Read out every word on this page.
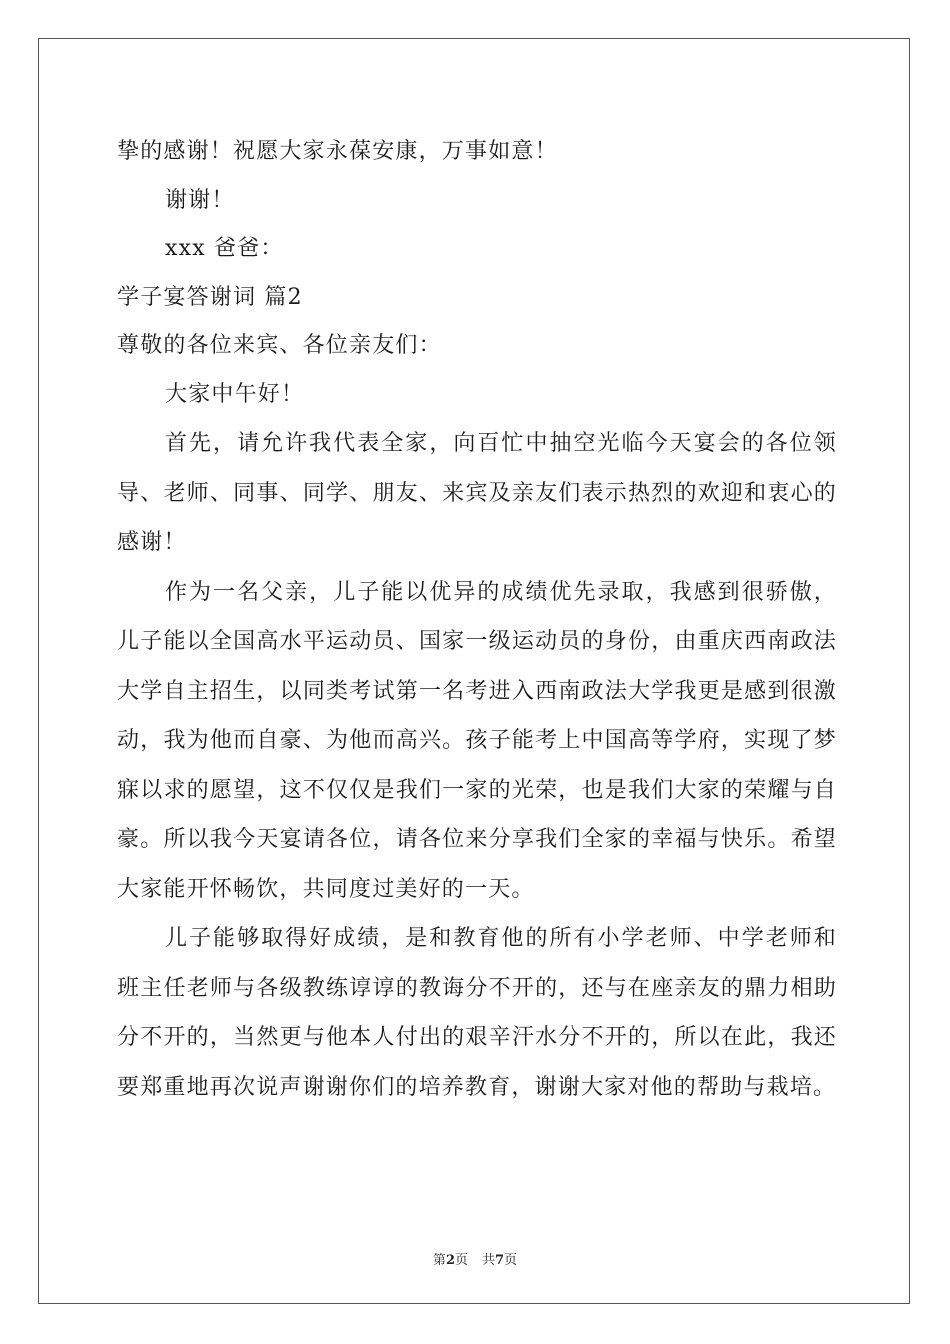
挚的感谢！祝愿大家永葆安康，万事如意！

谢谢！

xxx 爸爸：

学子宴答谢词 篇2

尊敬的各位来宾、各位亲友们：

大家中午好！

首先，请允许我代表全家，向百忙中抽空光临今天宴会的各位领导、老师、同事、同学、朋友、来宾及亲友们表示热烈的欢迎和衷心的感谢！

作为一名父亲，儿子能以优异的成绩优先录取，我感到很骄傲，儿子能以全国高水平运动员、国家一级运动员的身份，由重庆西南政法大学自主招生，以同类考试第一名考进入西南政法大学我更是感到很激动，我为他而自豪、为他而高兴。孩子能考上中国高等学府，实现了梦寐以求的愿望，这不仅仅是我们一家的光荣，也是我们大家的荣耀与自豪。所以我今天宴请各位，请各位来分享我们全家的幸福与快乐。希望大家能开怀畅饮，共同度过美好的一天。

儿子能够取得好成绩，是和教育他的所有小学老师、中学老师和班主任老师与各级教练谆谆的教诲分不开的，还与在座亲友的鼎力相助分不开的，当然更与他本人付出的艰辛汗水分不开的，所以在此，我还要郑重地再次说声谢谢你们的培养教育，谢谢大家对他的帮助与栽培。

第2页 共7页
